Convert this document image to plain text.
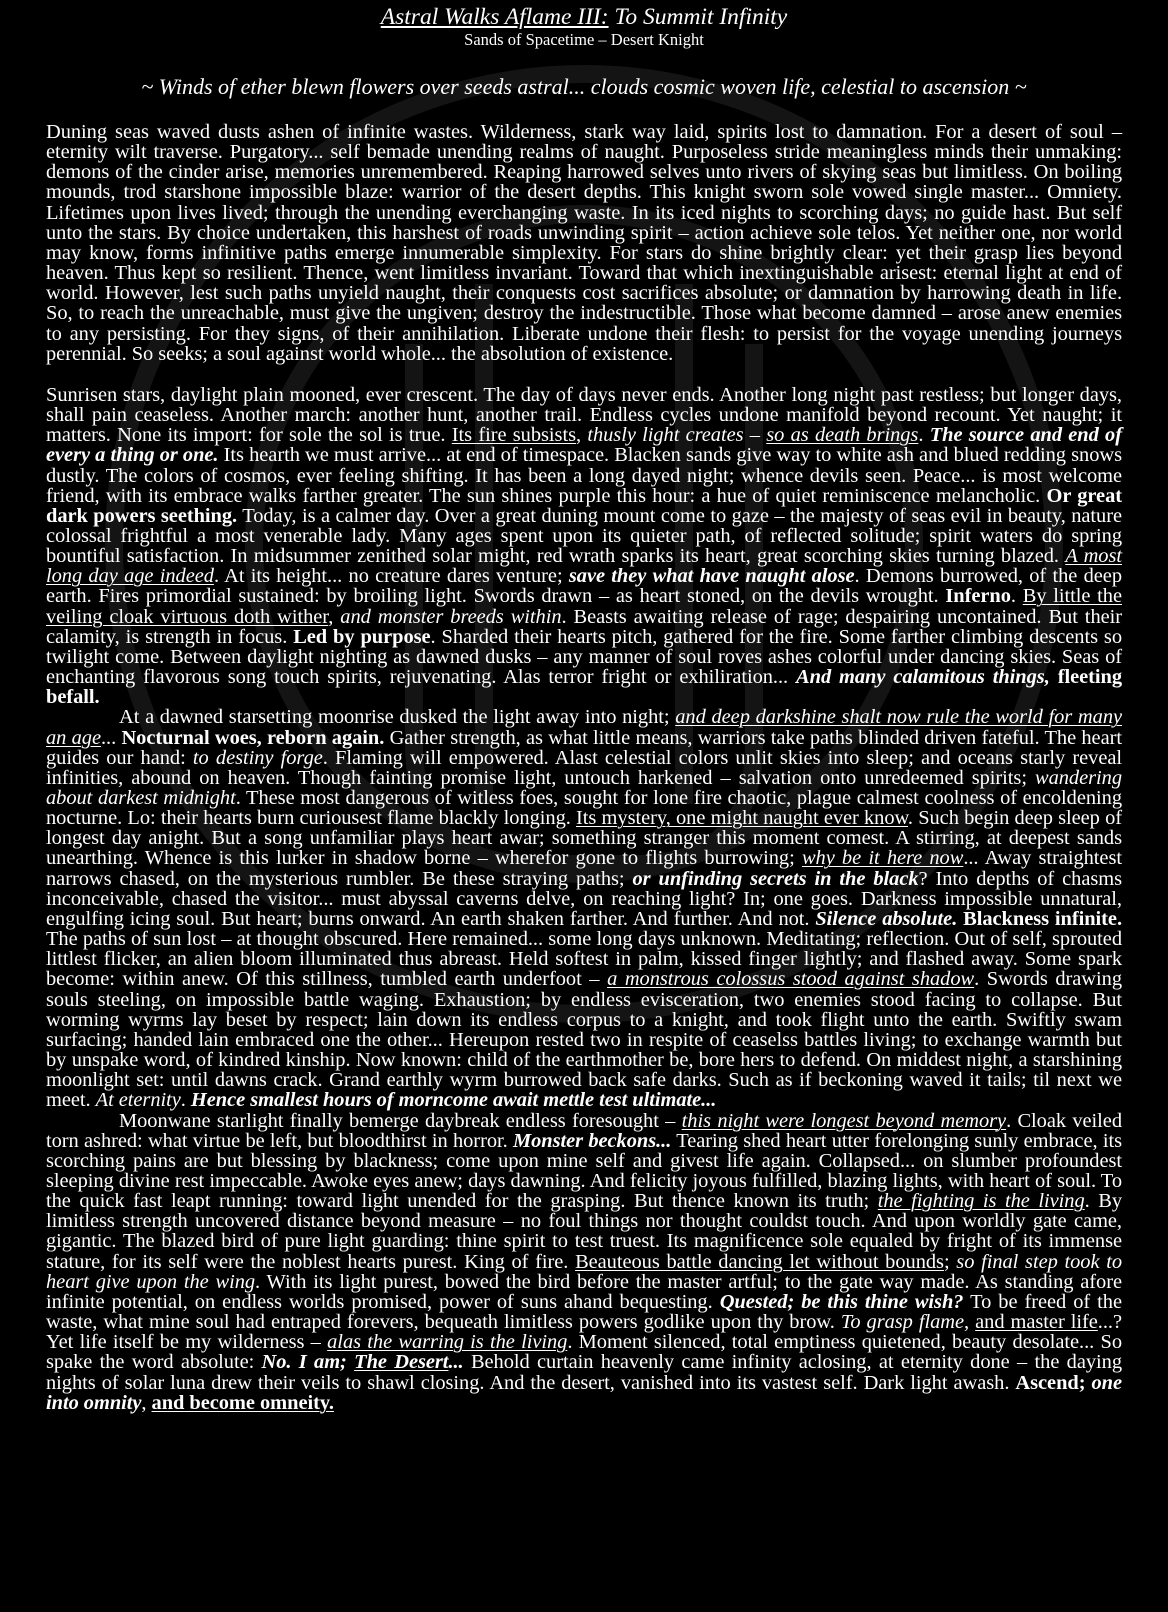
Astral Walks Aflame III: To Summit Infinity
Sands of Spacetime – Desert Knight
~ Winds of ether blewn flowers over seeds astral... clouds cosmic woven life, celestial to ascension ~

Duning seas waved dusts ashen of infinite wastes. Wilderness, stark way laid, spirits lost to damnation. For a desert of soul – eternity wilt traverse. Purgatory... self bemade unending realms of naught. Purposeless stride meaningless minds their unmaking: demons of the cinder arise, memories unremembered. Reaping harrowed selves unto rivers of skying seas but limitless. On boiling mounds, trod starshone impossible blaze: warrior of the desert depths. This knight sworn sole vowed single master... Omniety. Lifetimes upon lives lived; through the unending everchanging waste. In its iced nights to scorching days; no guide hast. But self unto the stars. By choice undertaken, this harshest of roads unwinding spirit – action achieve sole telos. Yet neither one, nor world may know, forms infinitive paths emerge innumerable simplexity. For stars do shine brightly clear: yet their grasp lies beyond heaven. Thus kept so resilient. Thence, went limitless invariant. Toward that which inextinguishable arisest: eternal light at end of world. However, lest such paths unyield naught, their conquests cost sacrifices absolute; or damnation by harrowing death in life. So, to reach the unreachable, must give the ungiven; destroy the indestructible. Those what become damned – arose anew enemies to any persisting. For they signs, of their annihilation. Liberate undone their flesh: to persist for the voyage unending journeys perennial. So seeks; a soul against world whole... the absolution of existence.

Sunrisen stars, daylight plain mooned, ever crescent. The day of days never ends. Another long night past restless; but longer days, shall pain ceaseless. Another march: another hunt, another trail. Endless cycles undone manifold beyond recount. Yet naught; it matters. None its import: for sole the sol is true. Its fire subsists, thusly light creates – so as death brings. The source and end of every a thing or one. Its hearth we must arrive... at end of timespace. Blacken sands give way to white ash and blued redding snows dustly. The colors of cosmos, ever feeling shifting. It has been a long dayed night; whence devils seen. Peace... is most welcome friend, with its embrace walks farther greater. The sun shines purple this hour: a hue of quiet reminiscence melancholic. Or great dark powers seething. Today, is a calmer day. Over a great duning mount come to gaze – the majesty of seas evil in beauty, nature colossal frightful a most venerable lady. Many ages spent upon its quieter path, of reflected solitude; spirit waters do spring bountiful satisfaction. In midsummer zenithed solar might, red wrath sparks its heart, great scorching skies turning blazed. A most long day age indeed. At its height... no creature dares venture; save they what have naught alose. Demons burrowed, of the deep earth. Fires primordial sustained: by broiling light. Swords drawn – as heart stoned, on the devils wrought. Inferno. By little the veiling cloak virtuous doth wither, and monster breeds within. Beasts awaiting release of rage; despairing uncontained. But their calamity, is strength in focus. Led by purpose. Sharded their hearts pitch, gathered for the fire. Some farther climbing descents so twilight come. Between daylight nighting as dawned dusks – any manner of soul roves ashes colorful under dancing skies. Seas of enchanting flavorous song touch spirits, rejuvenating. Alas terror fright or exhiliration... And many calamitous things, fleeting befall.

At a dawned starsetting moonrise dusked the light away into night; and deep darkshine shalt now rule the world for many an age... Nocturnal woes, reborn again. Gather strength, as what little means, warriors take paths blinded driven fateful. The heart guides our hand: to destiny forge. Flaming will empowered. Alast celestial colors unlit skies into sleep; and oceans starly reveal infinities, abound on heaven. Though fainting promise light, untouch harkened – salvation onto unredeemed spirits; wandering about darkest midnight. These most dangerous of witless foes, sought for lone fire chaotic, plague calmest coolness of encoldening nocturne. Lo: their hearts burn curiousest flame blackly longing. Its mystery, one might naught ever know. Such begin deep sleep of longest day anight. But a song unfamiliar plays heart awar; something stranger this moment comest. A stirring, at deepest sands unearthing. Whence is this lurker in shadow borne – wherefor gone to flights burrowing; why be it here now... Away straightest narrows chased, on the mysterious rumbler. Be these straying paths; or unfinding secrets in the black? Into depths of chasms inconceivable, chased the visitor... must abyssal caverns delve, on reaching light? In; one goes. Darkness impossible unnatural, engulfing icing soul. But heart; burns onward. An earth shaken farther. And further. And not. Silence absolute. Blackness infinite. The paths of sun lost – at thought obscured. Here remained... some long days unknown. Meditating; reflection. Out of self, sprouted littlest flicker, an alien bloom illuminated thus abreast. Held softest in palm, kissed finger lightly; and flashed away. Some spark become: within anew. Of this stillness, tumbled earth underfoot – a monstrous colossus stood against shadow. Swords drawing souls steeling, on impossible battle waging. Exhaustion; by endless evisceration, two enemies stood facing to collapse. But worming wyrms lay beset by respect; lain down its endless corpus to a knight, and took flight unto the earth. Swiftly swam surfacing; handed lain embraced one the other... Hereupon rested two in respite of ceaselss battles living; to exchange warmth but by unspake word, of kindred kinship. Now known: child of the earthmother be, bore hers to defend. On middest night, a starshining moonlight set: until dawns crack. Grand earthly wyrm burrowed back safe darks. Such as if beckoning waved it tails; til next we meet. At eternity. Hence smallest hours of morncome await mettle test ultimate...

Moonwane starlight finally bemerge daybreak endless foresought – this night were longest beyond memory. Cloak veiled torn ashred: what virtue be left, but bloodthirst in horror. Monster beckons... Tearing shed heart utter forelonging sunly embrace, its scorching pains are but blessing by blackness; come upon mine self and givest life again. Collapsed... on slumber profoundest sleeping divine rest impeccable. Awoke eyes anew; days dawning. And felicity joyous fulfilled, blazing lights, with heart of soul. To the quick fast leapt running: toward light unended for the grasping. But thence known its truth; the fighting is the living. By limitless strength uncovered distance beyond measure – no foul things nor thought couldst touch. And upon worldly gate came, gigantic. The blazed bird of pure light guarding: thine spirit to test truest. Its magnificence sole equaled by fright of its immense stature, for its self were the noblest hearts purest. King of fire. Beauteous battle dancing let without bounds; so final step took to heart give upon the wing. With its light purest, bowed the bird before the master artful; to the gate way made. As standing afore infinite potential, on endless worlds promised, power of suns ahand bequesting. Quested; be this thine wish? To be freed of the waste, what mine soul had entraped forevers, bequeath limitless powers godlike upon thy brow. To grasp flame, and master life...? Yet life itself be my wilderness – alas the warring is the living. Moment silenced, total emptiness quietened, beauty desolate... So spake the word absolute: No. I am; The Desert... Behold curtain heavenly came infinity aclosing, at eternity done – the daying nights of solar luna drew their veils to shawl closing. And the desert, vanished into its vastest self. Dark light awash. Ascend; one into omnity, and become omneity.
